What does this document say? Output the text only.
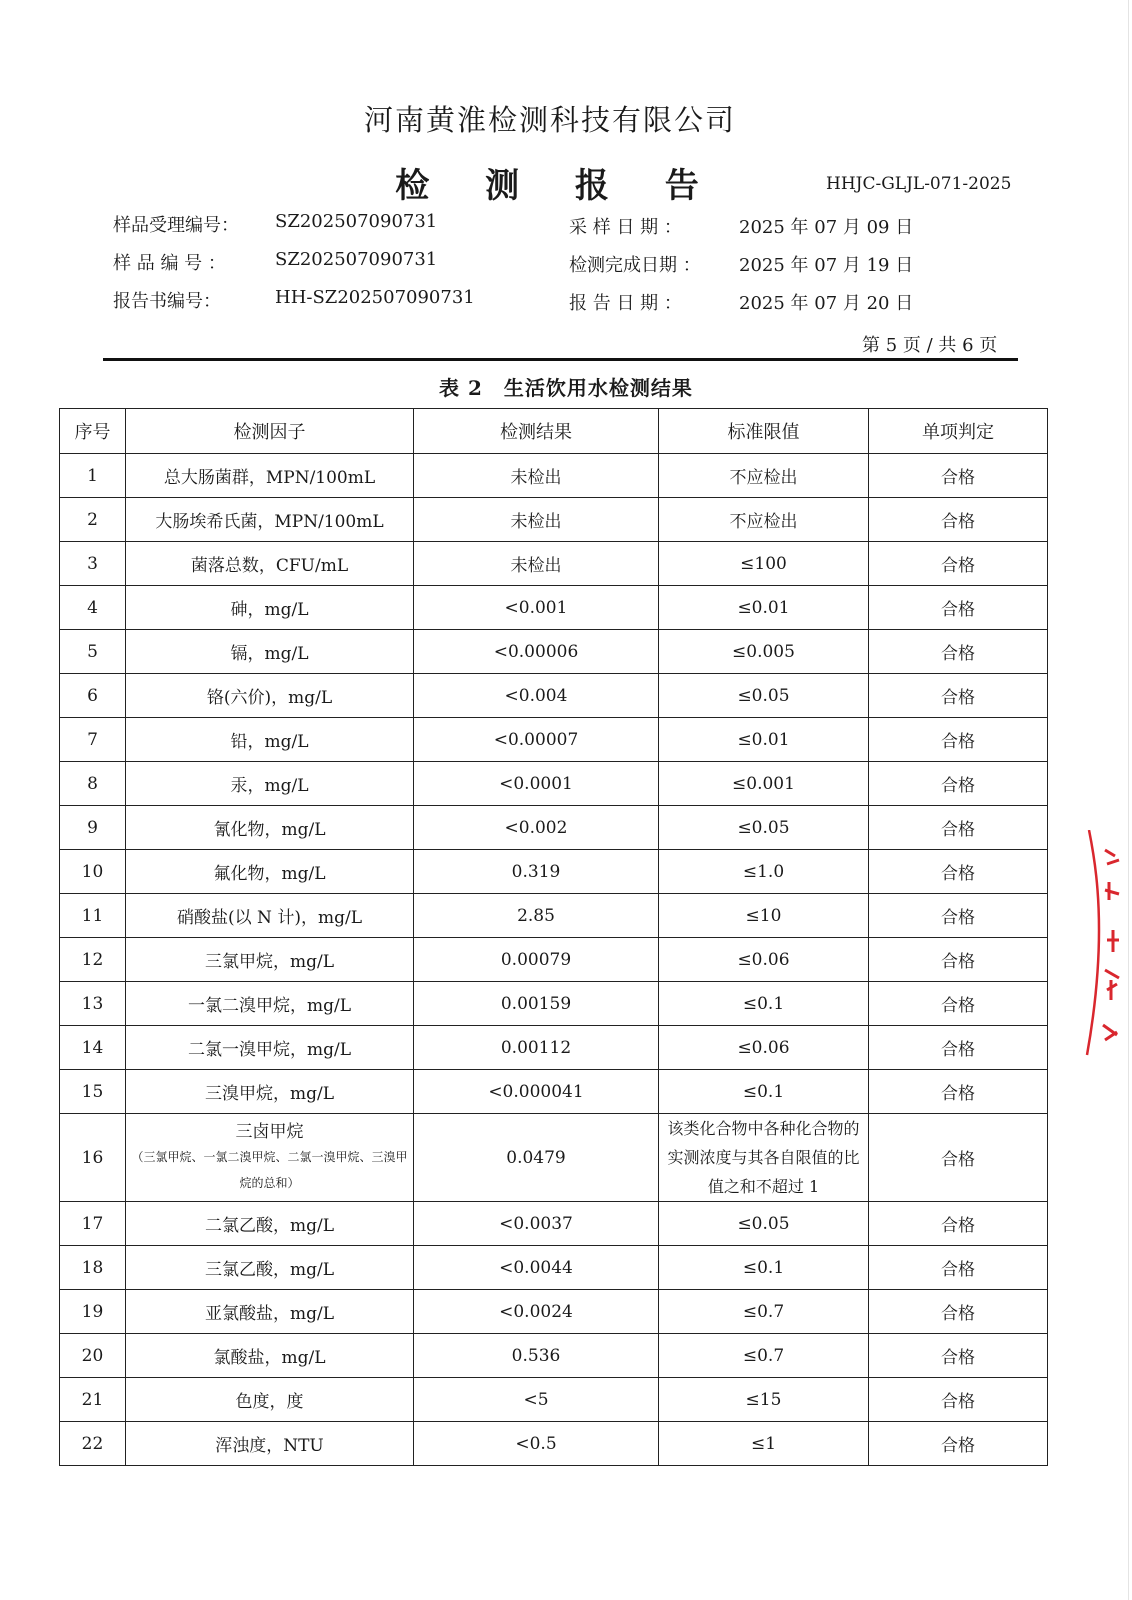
河南黄淮检测科技有限公司
检 测 报 告	HHJC-GLJL-071-2025
样品受理编号： SZ202507090731
样 品 编 号 ：	SZ202507090731
报告书编号：	HH-SZ202507090731
采 样 日 期 ：	2025 年 07 月 09 日
检测完成日期 ： 2025 年 07 月 19 日
报 告 日 期 ：	2025 年 07 月 20 日
第 5 页 / 共 6 页
表 2　生活饮用水检测结果
序号	检测因子	检测结果	标准限值	单项判定
1	总大肠菌群，MPN/100mL	未检出	不应检出	合格
2	大肠埃希氏菌，MPN/100mL	未检出	不应检出	合格
3	菌落总数，CFU/mL	未检出	≤100	合格
4	砷，mg/L	<0.001	≤0.01	合格
5	镉，mg/L	<0.00006	≤0.005	合格
6	铬(六价)，mg/L	<0.004	≤0.05	合格
7	铅，mg/L	<0.00007	≤0.01	合格
8	汞，mg/L	<0.0001	≤0.001	合格
9	氰化物，mg/L	<0.002	≤0.05	合格
10	氟化物，mg/L	0.319	≤1.0	合格
11	硝酸盐(以 N 计)，mg/L	2.85	≤10	合格
12	三氯甲烷，mg/L	0.00079	≤0.06	合格
13	一氯二溴甲烷，mg/L	0.00159	≤0.1	合格
14	二氯一溴甲烷，mg/L	0.00112	≤0.06	合格
15	三溴甲烷，mg/L	<0.000041	≤0.1	合格
16	三卤甲烷
（三氯甲烷、一氯二溴甲烷、二氯一溴甲烷、三溴甲烷的总和）	0.0479	该类化合物中各种化合物的实测浓度与其各自限值的比值之和不超过 1	合格
17	二氯乙酸，mg/L	<0.0037	≤0.05	合格
18	三氯乙酸，mg/L	<0.0044	≤0.1	合格
19	亚氯酸盐，mg/L	<0.0024	≤0.7	合格
20	氯酸盐，mg/L	0.536	≤0.7	合格
21	色度，度	<5	≤15	合格
22	浑浊度，NTU	<0.5	≤1	合格
